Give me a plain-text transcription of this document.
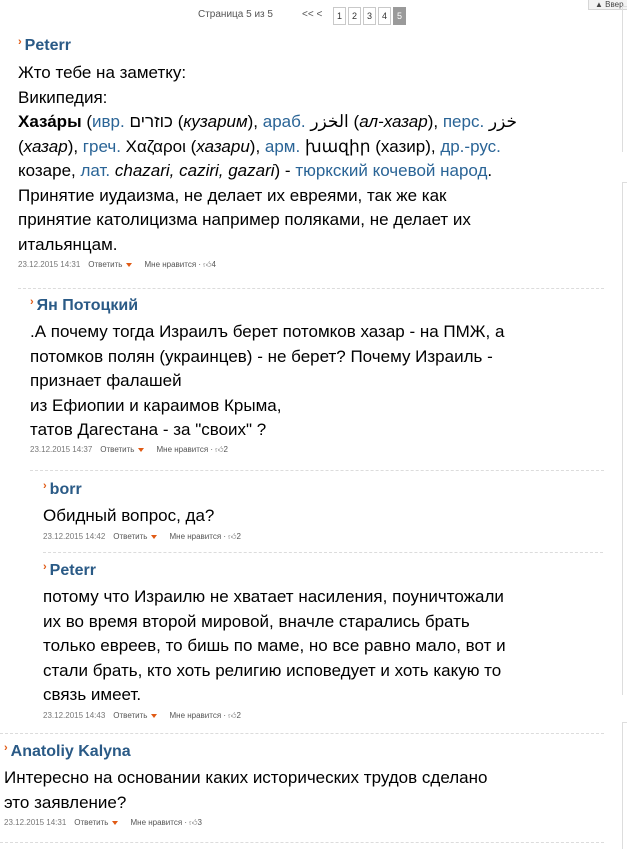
Страница 5 из 5	<< <	1	2	3	4	5
▲ Ввер
› Peterr

Жто тебе на заметку:

Википедия:

Хаза́ры (ивр. כוזרים (кузарим), араб. الخزر (ал-хазар), перс. خزر

(хазар), греч. Χαζαροι (хазари), арм. խազիր (хазир), др.-рус.

козаре, лат. chazari, caziri, gazari) - тюркский кочевой народ.

Принятие иудаизма, не делает их евреями, так же как

принятие католицизма например поляками, не делает их

итальянцам.

23.12.2015 14:31 Ответить	Мне нравится · 👍︎4
› Ян Потоцкий

.А почему тогда Израилъ берет потомков хазар - на ПМЖ, а

потомков полян (украинцев) - не берет? Почему Израиль -

признает фалашей

из Ефиопии и караимов Крыма,

татов Дагестана - за "своих" ?

23.12.2015 14:37 Ответить	Мне нравится · 👍︎2
› borr

Обидный вопрос, да?

23.12.2015 14:42 Ответить	Мне нравится · 👍︎2
› Peterr

потому что Израилю не хватает насиления, поуничтожали

их во время второй мировой, вначле старались брать

только евреев, то бишь по маме, но все равно мало, вот и

стали брать, кто хоть религию исповедует и хоть какую то

связь имеет.

23.12.2015 14:43 Ответить	Мне нравится · 👍︎2
› Anatoliy Kalyna

Интересно на основании каких исторических трудов сделано

это заявление?

23.12.2015 14:31 Ответить	Мне нравится · 👍︎3
